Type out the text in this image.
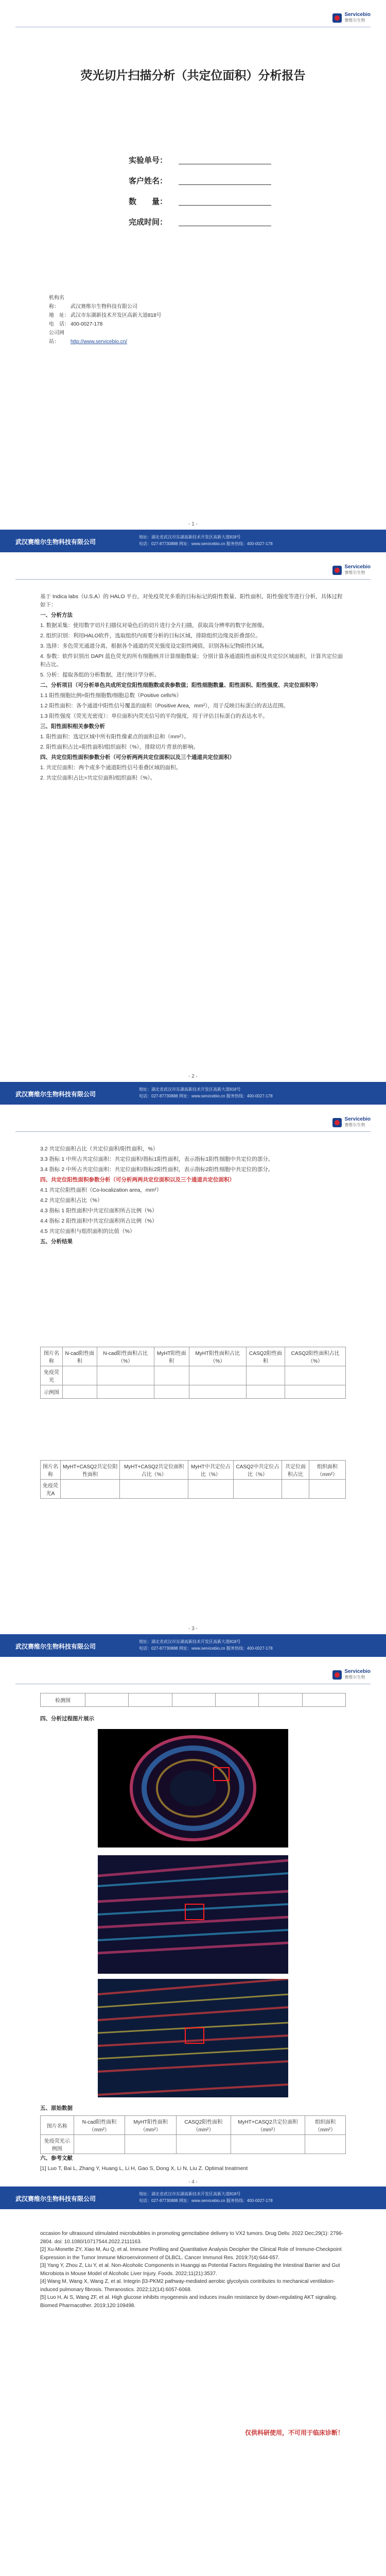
Servicebio
赛维尔生物
荧光切片扫描分析（共定位面积）分析报告
实验单号：
客户姓名：
数　　量：
完成时间：
机构名称： 武汉赛维尔生物科技有限公司
地　址： 武汉市东湖新技术开发区高新大道818号
电　话： 400-0027-178
公司网站： http://www.servicebio.cn/
- 1 -
武汉赛维尔生物科技有限公司
地址：湖北省武汉市东湖高新技术开发区高新大道818号
电话：027-87730888 网址：www.servicebio.cn 服务热线：400-0027-178
Servicebio
赛维尔生物

基于 Indica labs（U.S.A）的 HALO 平台，对免疫荧光多重的目标标记的阳性数量、阳性面积、阳性强度等进行分析，具体过程如下：

一、分析方法

1. 数据采集：使用数字切片扫描仪对染色后的切片进行全片扫描，获取高分辨率的数字化图像。

2. 组织识别：利用HALO软件，选取组织内需要分析的目标区域，排除组织边缘及折叠部位。

3. 选择：多色荧光通道分离，根据各个通道的荧光强度设定阳性阈值，识别各标记物阳性区域。

4. 参数：软件识别出 DAPI 蓝色荧光的所有细胞核并计算细胞数量；分别计算各通道阳性面积及共定位区域面积，计算共定位面积占比。

5. 分析：提取各组的分析数据，进行统计学分析。

二、分析项目（可分析单色共成所定位阳性细胞数或表参数值；阳性细胞数量、阳性面积、阳性强度、共定位面积等）

1.1 阳性细胞比例=阳性细胞数/细胞总数（Positive cells%）

1.2 阳性面积：各个通道中阳性信号覆盖的面积（Positive Area，mm²），用于反映目标蛋白的表达范围。

1.3 阳性强度（荧光光密度）：单位面积内荧光信号的平均强度，用于评估目标蛋白的表达水平。

三、阳性面积相关参数分析

1. 阳性面积：选定区域中所有阳性像素点的面积总和（mm²）。

2. 阳性面积占比=阳性面积/组织面积（%），排除切片背景的影响。

四、共定位阳性面积参数分析（可分析两两共定位面积以及三个通道共定位面积）

1. 共定位面积：两个或多个通道阳性信号重叠区域的面积。

2. 共定位面积占比=共定位面积/组织面积（%）。

- 2 -
武汉赛维尔生物科技有限公司
地址：湖北省武汉市东湖高新技术开发区高新大道818号
电话：027-87730888 网址：www.servicebio.cn 服务热线：400-0027-178
Servicebio
赛维尔生物

3.2 共定位面积占比（共定位面积/阳性面积，%）

3.3 指标 1 中所占共定位面积：共定位面积/指标1阳性面积，表示指标1阳性细胞中共定位的部分。

3.4 指标 2 中所占共定位面积：共定位面积/指标2阳性面积，表示指标2阳性细胞中共定位的部分。

四、共定位阳性面积参数分析（可分析两两共定位面积以及三个通道共定位面积）

4.1 共定位阳性面积（Co-localization area，mm²）

4.2 共定位面积占比（%）

4.3 指标 1 阳性面积中共定位面积所占比例（%）

4.4 指标 2 阳性面积中共定位面积所占比例（%）

4.5 共定位面积与组织面积的比值（%）

五、分析结果

图片名称	N-cad阳性面积	N-cad阳性面积占比（%）	MyHT阳性面积	MyHT阳性面积占比（%）	CASQ2阳性面积	CASQ2阳性面积占比（%）
免疫荧光						
示例图						
图片名称	MyHT+CASQ2共定位阳性面积	MyHT+CASQ2共定位面积占比（%）	MyHT中共定位占比（%）	CASQ2中共定位占比（%）	共定位面积占比	组织面积（mm²）
免疫荧光A						
- 3 -
武汉赛维尔生物科技有限公司
地址：湖北省武汉市东湖高新技术开发区高新大道818号
电话：027-87730888 网址：www.servicebio.cn 服务热线：400-0027-178
Servicebio
赛维尔生物
检测图						

四、分析过程图片展示

五、原始数据

图片名称	N-cad阳性面积（mm²）	MyHT阳性面积（mm²）	CASQ2阳性面积（mm²）	MyHT+CASQ2共定位面积（mm²）	组织面积（mm²）
免疫荧光示例图					

六、参考文献

[1] Luo T, Bai L, Zhang Y, Huang L, Li H, Gao S, Dong X, Li N, Liu Z. Optimal treatment

- 4 -
武汉赛维尔生物科技有限公司
地址：湖北省武汉市东湖高新技术开发区高新大道818号
电话：027-87730888 网址：www.servicebio.cn 服务热线：400-0027-178

occasion for ultrasound stimulated microbubbles in promoting gemcitabine delivery to VX2 tumors. Drug Deliv. 2022 Dec;29(1): 2796-2804. doi: 10.1080/10717544.2022.2111163.

[2] Xu-Monette ZY, Xiao M, Au Q, et al. Immune Profiling and Quantitative Analysis Decipher the Clinical Role of Immune-Checkpoint Expression in the Tumor Immune Microenvironment of DLBCL. Cancer Immunol Res. 2019;7(4):644-657.

[3] Yang Y, Zhou Z, Liu Y, et al. Non-Alcoholic Components in Huangqi as Potential Factors Regulating the Intestinal Barrier and Gut Microbiota in Mouse Model of Alcoholic Liver Injury. Foods. 2022;11(21):3537.

[4] Wang M, Wang X, Wang Z, et al. Integrin β3-PKM2 pathway-mediated aerobic glycolysis contributes to mechanical ventilation-induced pulmonary fibrosis. Theranostics. 2022;12(14):6057-6068.

[5] Luo H, Ai S, Wang ZF, et al. High glucose inhibits myogenesis and induces insulin resistance by down-regulating AKT signaling. Biomed Pharmacother. 2019;120:109498.

仅供科研使用，不可用于临床诊断！
